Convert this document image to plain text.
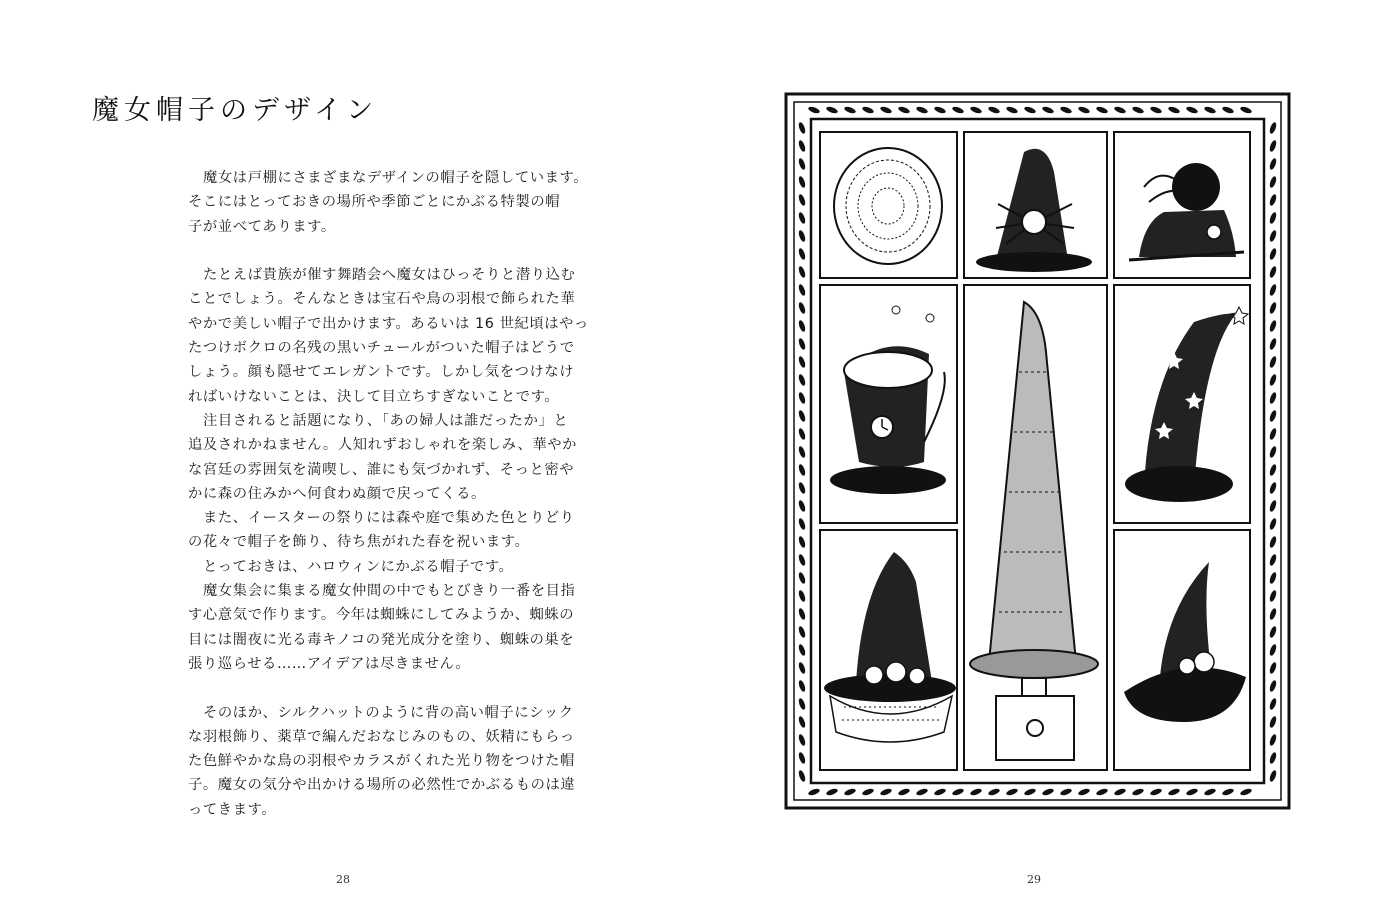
魔女帽子のデザイン

魔女は戸棚にさまざまなデザインの帽子を隠しています。
そこにはとっておきの場所や季節ごとにかぶる特製の帽
子が並べてあります。

たとえば貴族が催す舞踏会へ魔女はひっそりと潜り込む
ことでしょう。そんなときは宝石や鳥の羽根で飾られた華
やかで美しい帽子で出かけます。あるいは 16 世紀頃はやっ
たつけボクロの名残の黒いチュールがついた帽子はどうで
しょう。顔も隠せてエレガントです。しかし気をつけなけ
ればいけないことは、決して目立ちすぎないことです。

注目されると話題になり、「あの婦人は誰だったか」と
追及されかねません。人知れずおしゃれを楽しみ、華やか
な宮廷の雰囲気を満喫し、誰にも気づかれず、そっと密や
かに森の住みかへ何食わぬ顔で戻ってくる。

また、イースターの祭りには森や庭で集めた色とりどり
の花々で帽子を飾り、待ち焦がれた春を祝います。

とっておきは、ハロウィンにかぶる帽子です。

魔女集会に集まる魔女仲間の中でもとびきり一番を目指
す心意気で作ります。今年は蜘蛛にしてみようか、蜘蛛の
目には闇夜に光る毒キノコの発光成分を塗り、蜘蛛の巣を
張り巡らせる……アイデアは尽きません。

そのほか、シルクハットのように背の高い帽子にシック
な羽根飾り、薬草で編んだおなじみのもの、妖精にもらっ
た色鮮やかな鳥の羽根やカラスがくれた光り物をつけた帽
子。魔女の気分や出かける場所の必然性でかぶるものは違
ってきます。

28	29
